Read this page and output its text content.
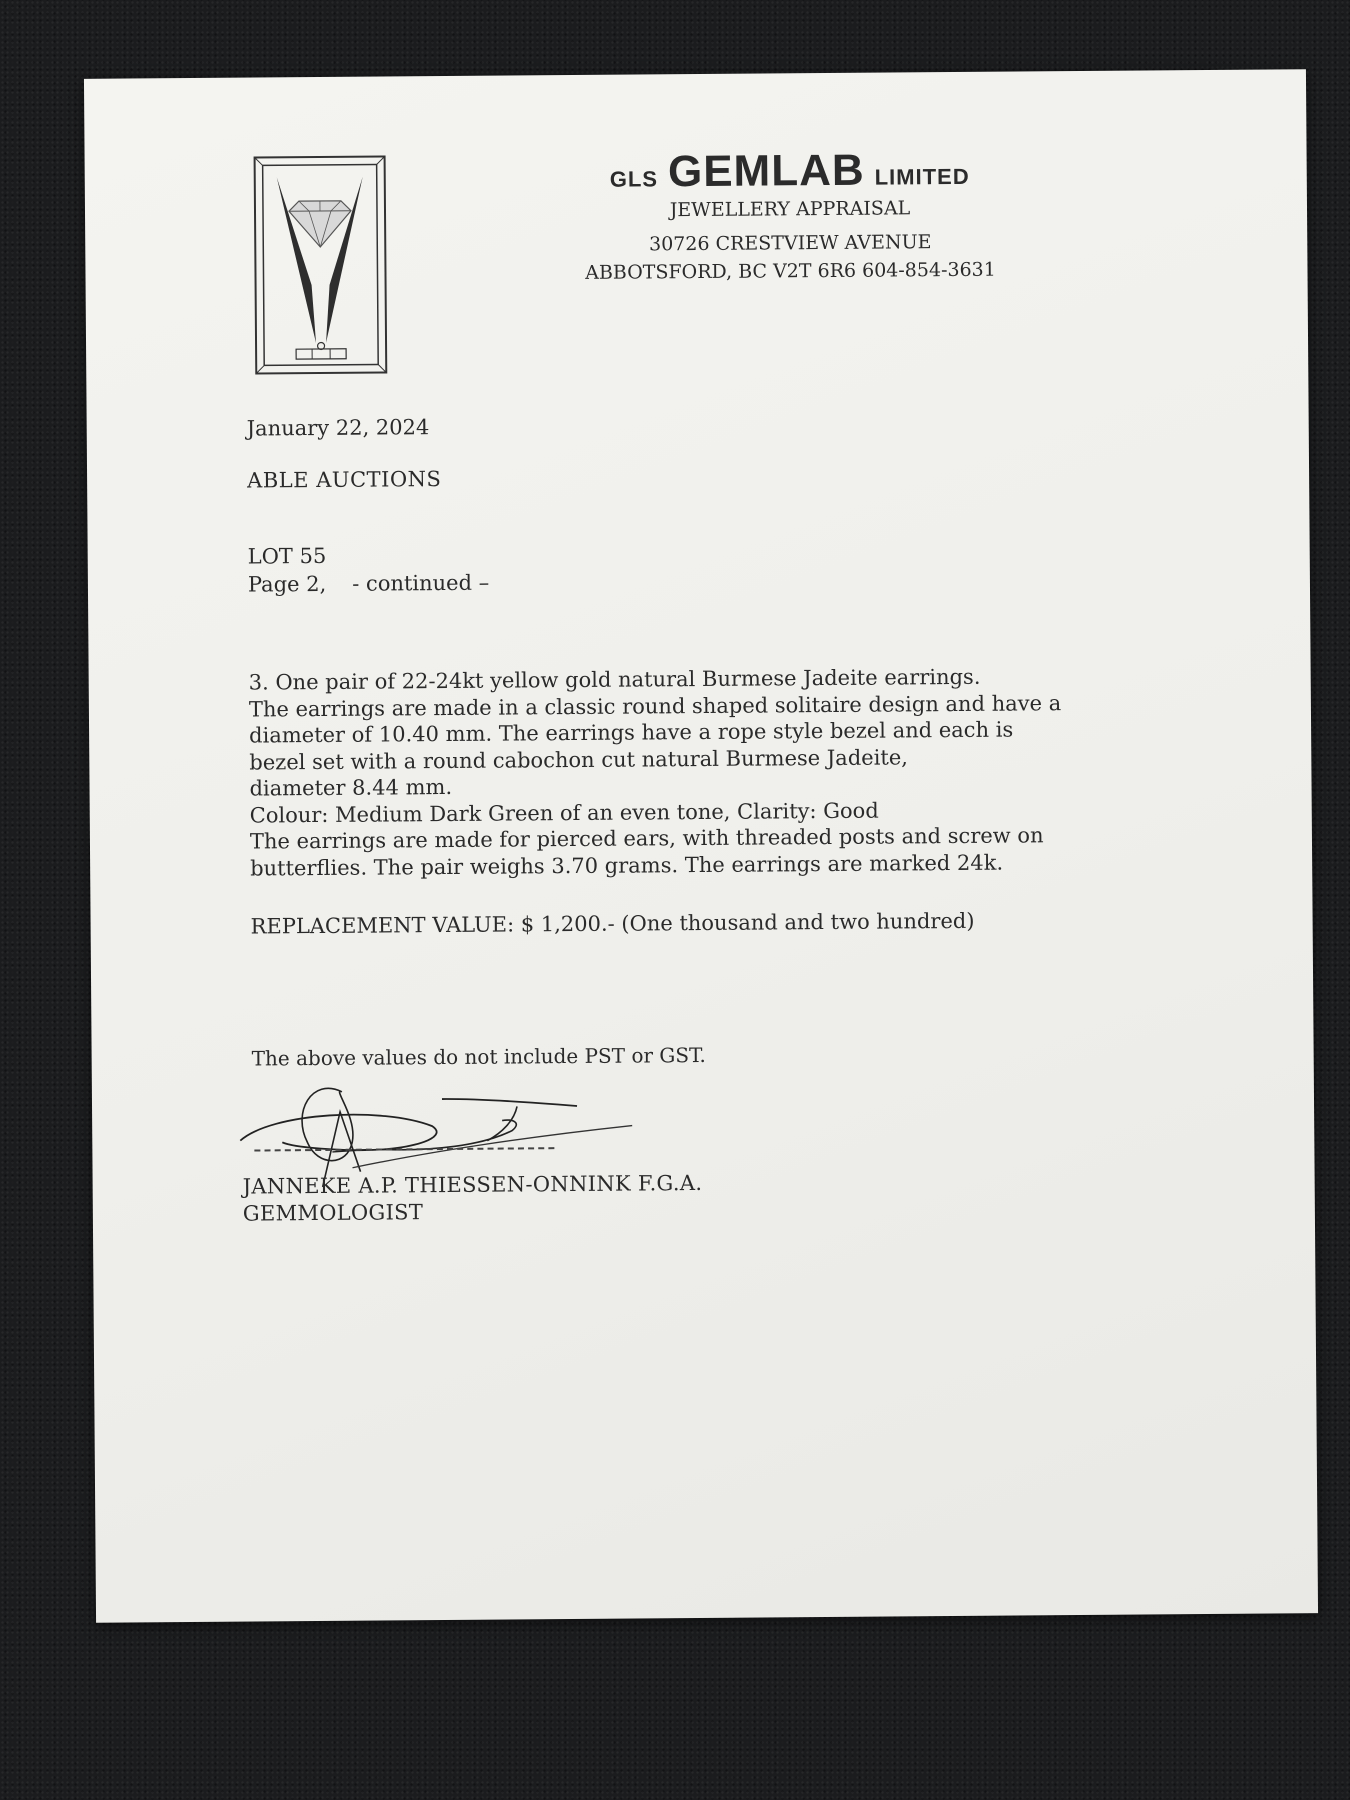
GLS GEMLAB LIMITED
JEWELLERY APPRAISAL
30726 CRESTVIEW AVENUE
ABBOTSFORD, BC V2T 6R6 604-854-3631
January 22, 2024
ABLE AUCTIONS
LOT 55
Page 2, - continued –
3. One pair of 22-24kt yellow gold natural Burmese Jadeite earrings.
The earrings are made in a classic round shaped solitaire design and have a
diameter of 10.40 mm. The earrings have a rope style bezel and each is
bezel set with a round cabochon cut natural Burmese Jadeite,
diameter 8.44 mm.
Colour: Medium Dark Green of an even tone, Clarity: Good
The earrings are made for pierced ears, with threaded posts and screw on
butterflies. The pair weighs 3.70 grams. The earrings are marked 24k.
REPLACEMENT VALUE: $ 1,200.- (One thousand and two hundred)
The above values do not include PST or GST.
JANNEKE A.P. THIESSEN-ONNINK F.G.A.
GEMMOLOGIST
